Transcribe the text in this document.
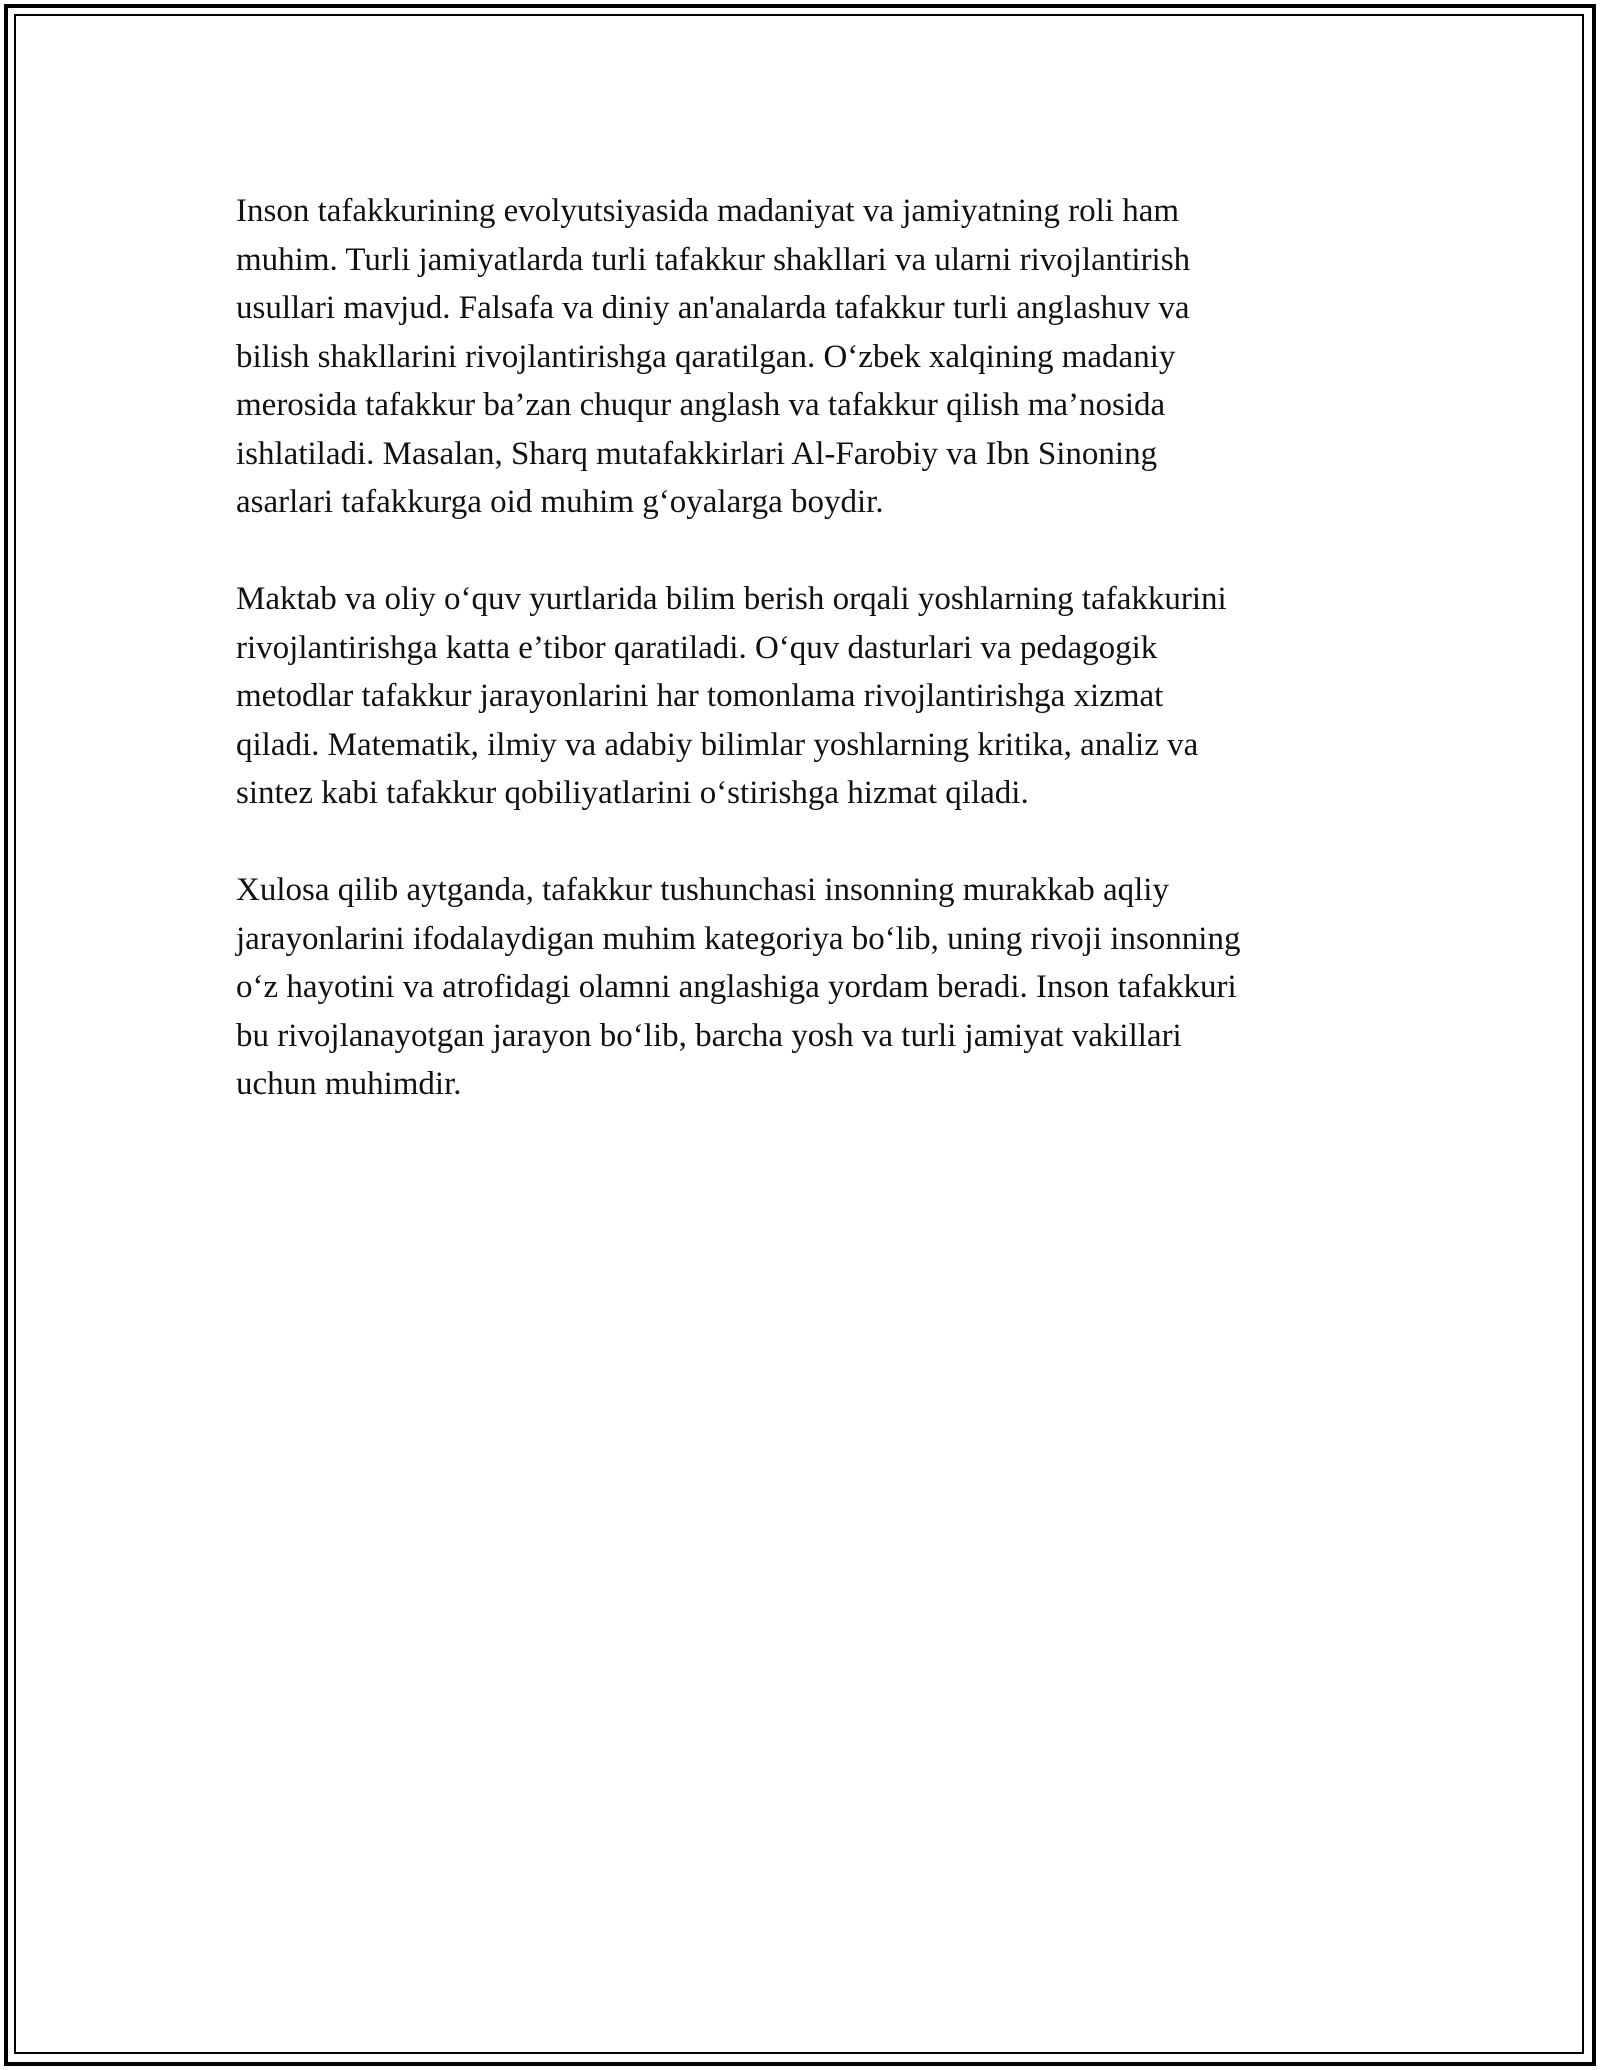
Inson tafakkurining evolyutsiyasida madaniyat va jamiyatning roli ham
muhim. Turli jamiyatlarda turli tafakkur shakllari va ularni rivojlantirish
usullari mavjud. Falsafa va diniy an'analarda tafakkur turli anglashuv va
bilish shakllarini rivojlantirishga qaratilgan. O‘zbek xalqining madaniy
merosida tafakkur ba’zan chuqur anglash va tafakkur qilish ma’nosida
ishlatiladi. Masalan, Sharq mutafakkirlari Al-Farobiy va Ibn Sinoning
asarlari tafakkurga oid muhim g‘oyalarga boydir.
Maktab va oliy o‘quv yurtlarida bilim berish orqali yoshlarning tafakkurini
rivojlantirishga katta e’tibor qaratiladi. O‘quv dasturlari va pedagogik
metodlar tafakkur jarayonlarini har tomonlama rivojlantirishga xizmat
qiladi. Matematik, ilmiy va adabiy bilimlar yoshlarning kritika, analiz va
sintez kabi tafakkur qobiliyatlarini o‘stirishga hizmat qiladi.
Xulosa qilib aytganda, tafakkur tushunchasi insonning murakkab aqliy
jarayonlarini ifodalaydigan muhim kategoriya bo‘lib, uning rivoji insonning
o‘z hayotini va atrofidagi olamni anglashiga yordam beradi. Inson tafakkuri
bu rivojlanayotgan jarayon bo‘lib, barcha yosh va turli jamiyat vakillari
uchun muhimdir.
